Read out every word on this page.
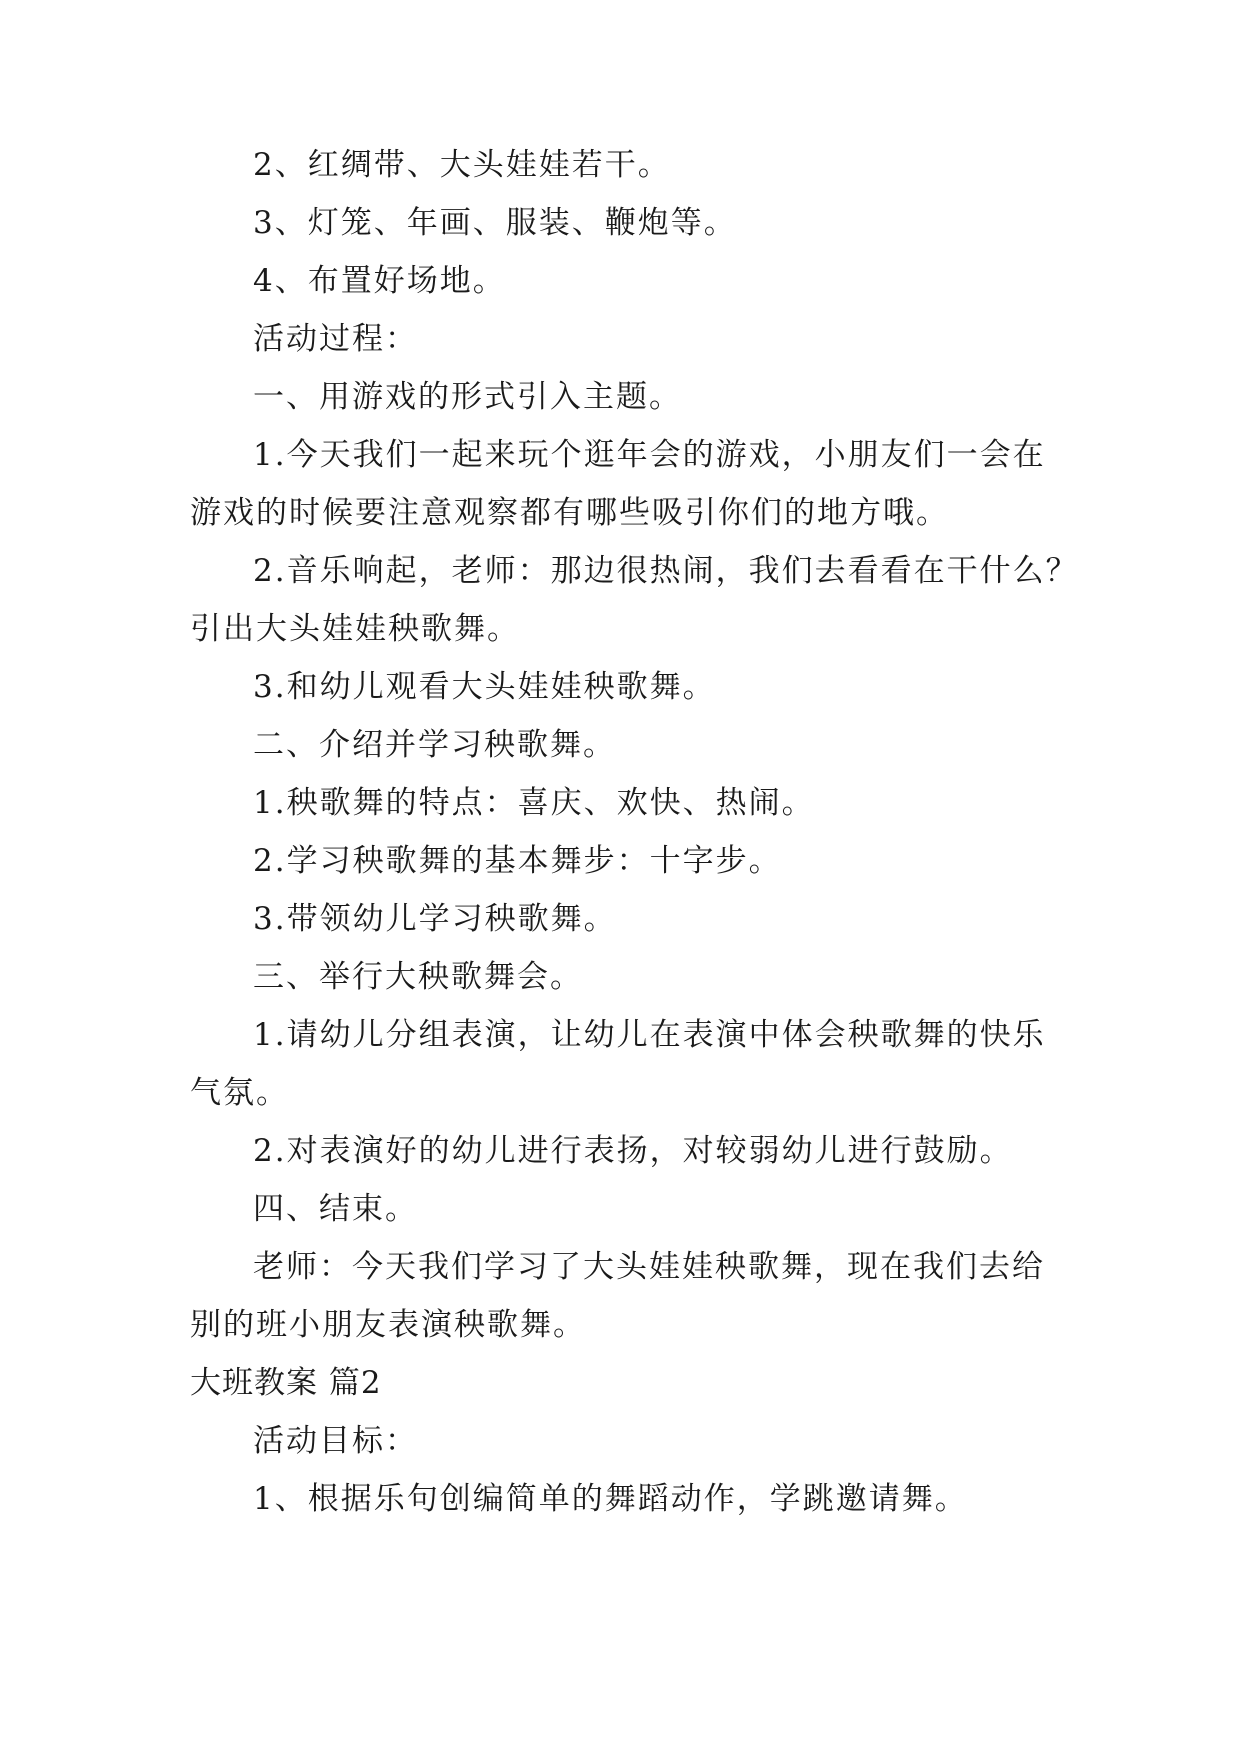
2、红绸带、大头娃娃若干。
3、灯笼、年画、服装、鞭炮等。
4、布置好场地。
活动过程：
一、用游戏的形式引入主题。
1.今天我们一起来玩个逛年会的游戏，小朋友们一会在
游戏的时候要注意观察都有哪些吸引你们的地方哦。
2.音乐响起，老师：那边很热闹，我们去看看在干什么？
引出大头娃娃秧歌舞。
3.和幼儿观看大头娃娃秧歌舞。
二、介绍并学习秧歌舞。
1.秧歌舞的特点：喜庆、欢快、热闹。
2.学习秧歌舞的基本舞步：十字步。
3.带领幼儿学习秧歌舞。
三、举行大秧歌舞会。
1.请幼儿分组表演，让幼儿在表演中体会秧歌舞的快乐
气氛。
2.对表演好的幼儿进行表扬，对较弱幼儿进行鼓励。
四、结束。
老师：今天我们学习了大头娃娃秧歌舞，现在我们去给
别的班小朋友表演秧歌舞。
大班教案 篇2
活动目标：
1、根据乐句创编简单的舞蹈动作，学跳邀请舞。
